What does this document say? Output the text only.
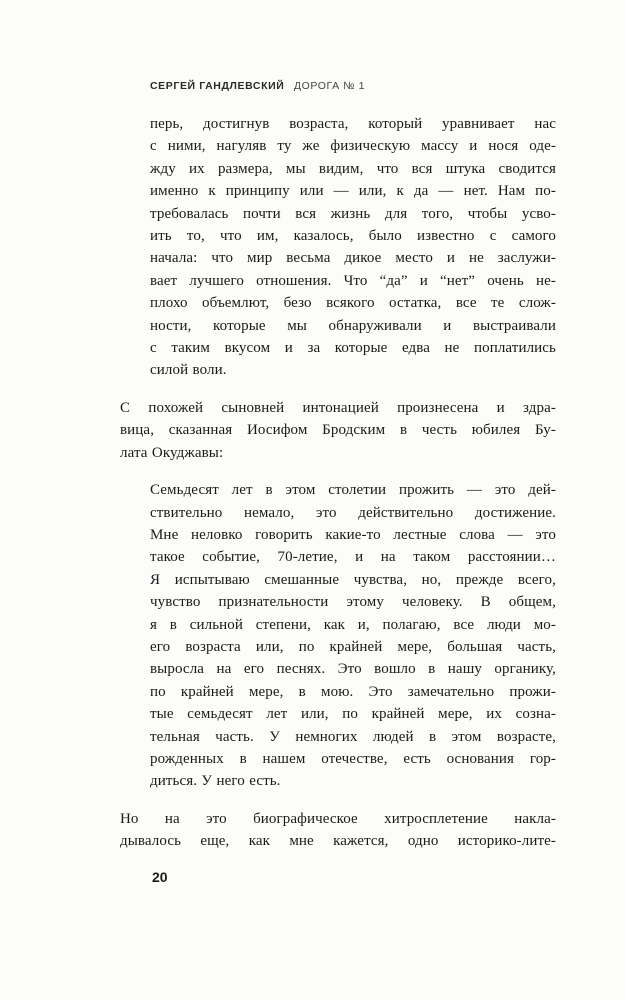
СЕРГЕЙ ГАНДЛЕВСКИЙ ДОРОГА № 1
перь, достигнув возраста, который уравнивает нас
с ними, нагуляв ту же физическую массу и нося оде-
жду их размера, мы видим, что вся штука сводится
именно к принципу или — или, к да — нет. Нам по-
требовалась почти вся жизнь для того, чтобы усво-
ить то, что им, казалось, было известно с самого
начала: что мир весьма дикое место и не заслужи-
вает лучшего отношения. Что “да” и “нет” очень не-
плохо объемлют, безо всякого остатка, все те слож-
ности, которые мы обнаруживали и выстраивали
с таким вкусом и за которые едва не поплатились
силой воли.
С похожей сыновней интонацией произнесена и здра-
вица, сказанная Иосифом Бродским в честь юбилея Бу-
лата Окуджавы:
Семьдесят лет в этом столетии прожить — это дей-
ствительно немало, это действительно достижение.
Мне неловко говорить какие-то лестные слова — это
такое событие, 70-летие, и на таком расстоянии…
Я испытываю смешанные чувства, но, прежде всего,
чувство признательности этому человеку. В общем,
я в сильной степени, как и, полагаю, все люди мо-
его возраста или, по крайней мере, большая часть,
выросла на его песнях. Это вошло в нашу органику,
по крайней мере, в мою. Это замечательно прожи-
тые семьдесят лет или, по крайней мере, их созна-
тельная часть. У немногих людей в этом возрасте,
рожденных в нашем отечестве, есть основания гор-
диться. У него есть.
Но на это биографическое хитросплетение накла-
дывалось еще, как мне кажется, одно историко-лите-
20
